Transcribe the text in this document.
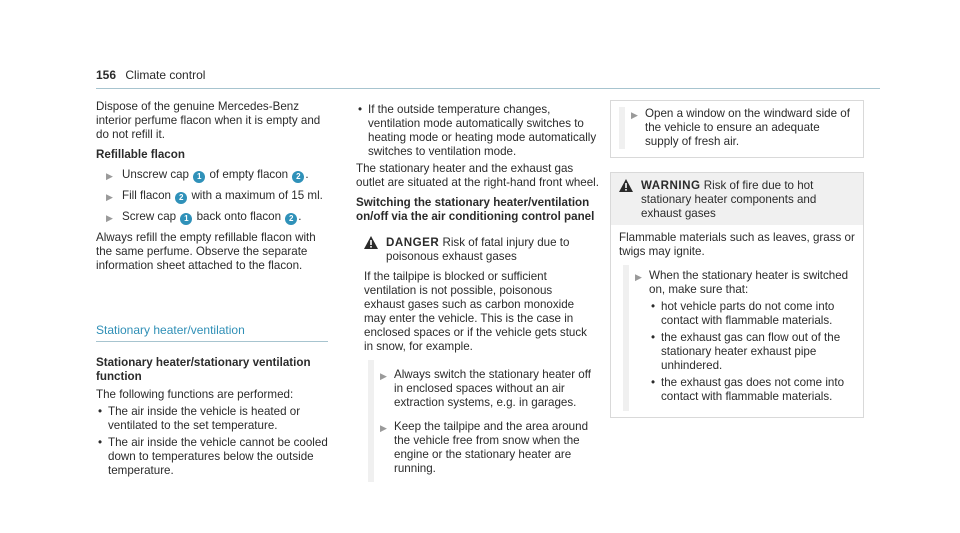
156 Climate control

Dispose of the genuine Mercedes-Benz interior perfume flacon when it is empty and do not refill it.

Refillable flacon

▶ Unscrew cap 1 of empty flacon 2 .
▶ Fill flacon 2 with a maximum of 15 ml.
▶ Screw cap 1 back onto flacon 2 .

Always refill the empty refillable flacon with the same perfume. Observe the separate information sheet attached to the flacon.

Stationary heater/ventilation
Stationary heater/stationary ventilation function

The following functions are performed:

• The air inside the vehicle is heated or ventilated to the set temperature.
• The air inside the vehicle cannot be cooled down to temperatures below the outside temperature.
• If the outside temperature changes, ventilation mode automatically switches to heating mode or heating mode automatically switches to ventilation mode.

The stationary heater and the exhaust gas outlet are situated at the right-hand front wheel.

Switching the stationary heater/ventilation on/off via the air conditioning control panel
DANGER Risk of fatal injury due to poisonous exhaust gases

If the tailpipe is blocked or sufficient ventilation is not possible, poisonous exhaust gases such as carbon monoxide may enter the vehicle. This is the case in enclosed spaces or if the vehicle gets stuck in snow, for example.

▶ Always switch the stationary heater off in enclosed spaces without an air extraction systems, e.g. in garages.
▶ Keep the tailpipe and the area around the vehicle free from snow when the engine or the stationary heater are running.
▶ Open a window on the windward side of the vehicle to ensure an adequate supply of fresh air.
WARNING Risk of fire due to hot stationary heater components and exhaust gases

Flammable materials such as leaves, grass or twigs may ignite.

▶ When the stationary heater is switched on, make sure that:
• hot vehicle parts do not come into contact with flammable materials.
• the exhaust gas can flow out of the stationary heater exhaust pipe unhindered.
• the exhaust gas does not come into contact with flammable materials.
